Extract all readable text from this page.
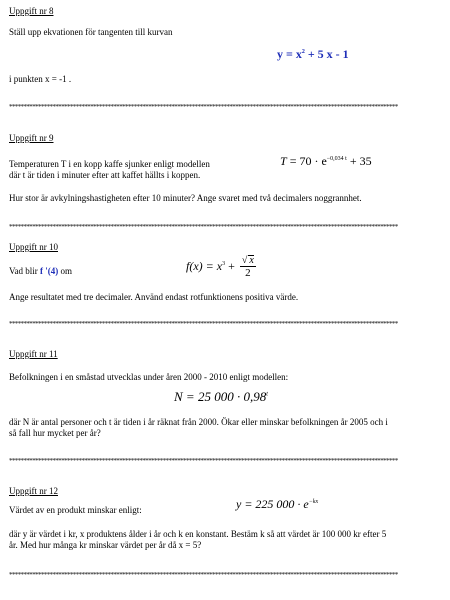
Uppgift nr 8
Ställ upp ekvationen för tangenten till kurvan
$y = x^2 + 5$ x - 1
i punkten x = -1 .
**************************************************************************************************************************************
Uppgift nr 9
Temperaturen T i en kopp kaffe sjunker enligt modellen
där t är tiden i minuter efter att kaffet hällts i koppen.
$T = 70 \cdot e^{-0,034 t} + 35$
Hur stor är avkylningshastigheten efter 10 minuter? Ange svaret med två decimalers noggrannhet.
**************************************************************************************************************************************
Uppgift nr 10
Vad blir f '(4) om	$f(x) = x^3 + \frac{√ x}{2}$
Ange resultatet med tre decimaler. Använd endast rotfunktionens positiva värde.
**************************************************************************************************************************************
Uppgift nr 11
Befolkningen i en småstad utvecklas under åren 2000 - 2010 enligt modellen:
N = 25 $000 \cdot 0,98^t$
där N är antal personer och t är tiden i år räknat från 2000. Ökar eller minskar befolkningen år 2005 och i
så fall hur mycket per år?
**************************************************************************************************************************************
Uppgift nr 12
Värdet av en produkt minskar enligt:	y = 225 $000 \cdot e^{-kx}$
där y är värdet i kr, x produktens ålder i år och k en konstant. Bestäm k så att värdet är 100 000 kr efter 5
år. Med hur många kr minskar värdet per år då x = 5?
**************************************************************************************************************************************
